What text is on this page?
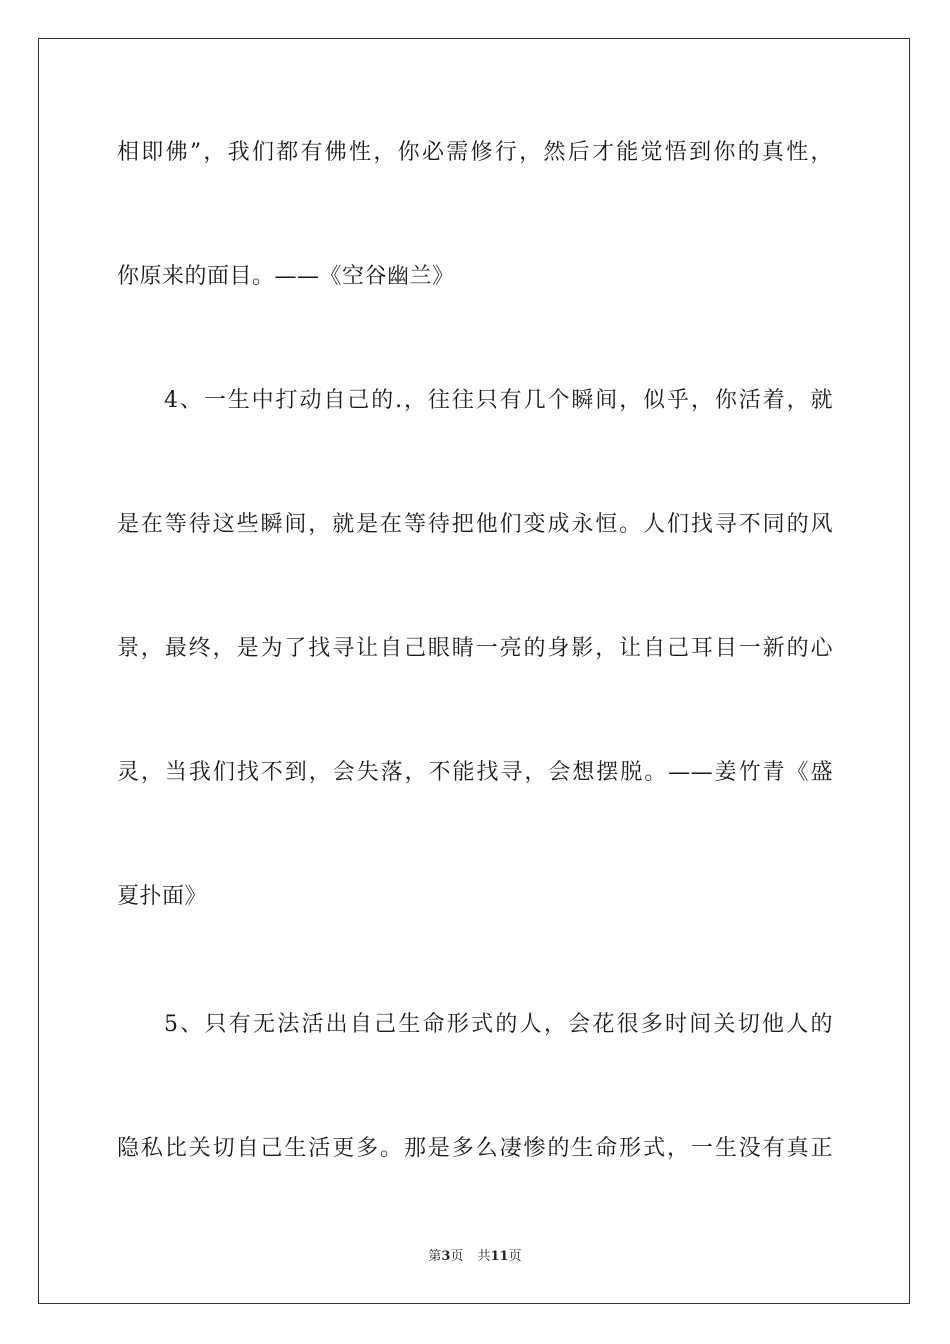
相即佛”，我们都有佛性，你必需修行，然后才能觉悟到你的真性，
你原来的面目。——《空谷幽兰》
4、一生中打动自己的.，往往只有几个瞬间，似乎，你活着，就
是在等待这些瞬间，就是在等待把他们变成永恒。人们找寻不同的风
景，最终，是为了找寻让自己眼睛一亮的身影，让自己耳目一新的心
灵，当我们找不到，会失落，不能找寻，会想摆脱。——姜竹青《盛
夏扑面》
5、只有无法活出自己生命形式的人，会花很多时间关切他人的
隐私比关切自己生活更多。那是多么凄惨的生命形式，一生没有真正
第3页 共11页
